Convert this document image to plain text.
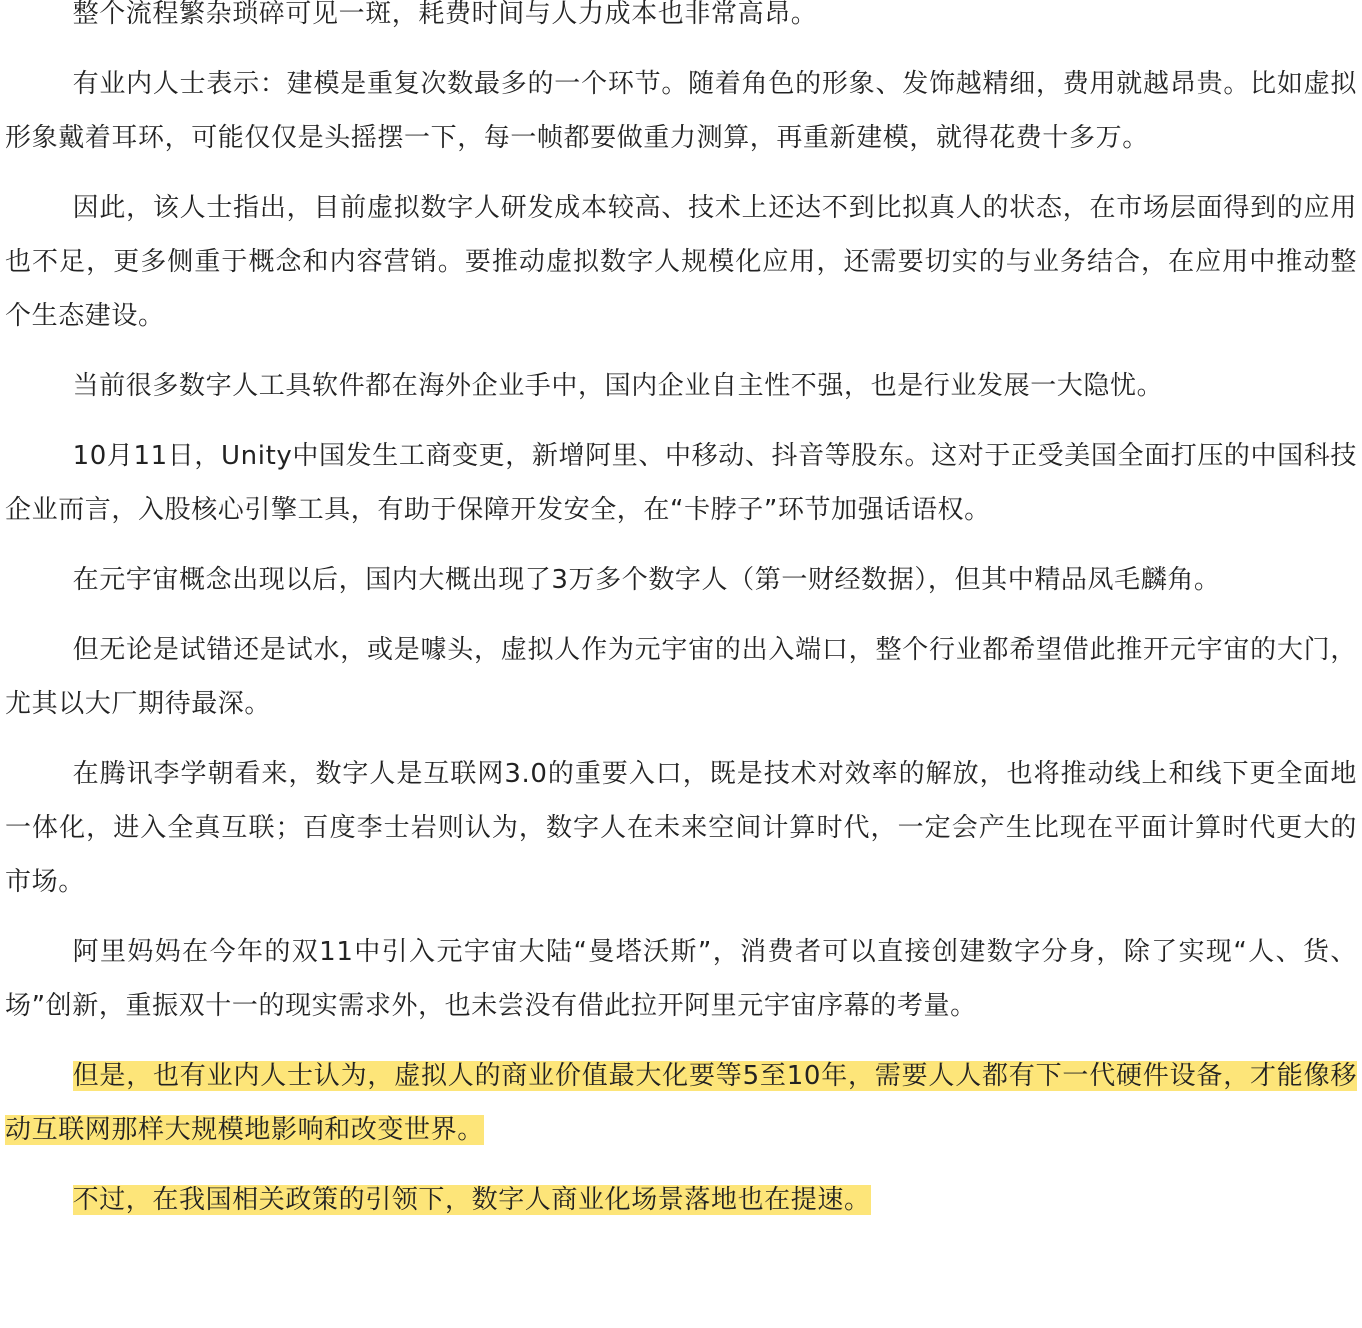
整个流程繁杂琐碎可见一斑，耗费时间与人力成本也非常高昂。

有业内人士表示：建模是重复次数最多的一个环节。随着角色的形象、发饰越精细，费用就越昂贵。比如虚拟形象戴着耳环，可能仅仅是头摇摆一下，每一帧都要做重力测算，再重新建模，就得花费十多万。

因此，该人士指出，目前虚拟数字人研发成本较高、技术上还达不到比拟真人的状态，在市场层面得到的应用也不足，更多侧重于概念和内容营销。要推动虚拟数字人规模化应用，还需要切实的与业务结合，在应用中推动整个生态建设。

当前很多数字人工具软件都在海外企业手中，国内企业自主性不强，也是行业发展一大隐忧。

10月11日，Unity中国发生工商变更，新增阿里、中移动、抖音等股东。这对于正受美国全面打压的中国科技企业而言，入股核心引擎工具，有助于保障开发安全，在“卡脖子”环节加强话语权。

在元宇宙概念出现以后，国内大概出现了3万多个数字人（第一财经数据），但其中精品凤毛麟角。

但无论是试错还是试水，或是噱头，虚拟人作为元宇宙的出入端口，整个行业都希望借此推开元宇宙的大门，尤其以大厂期待最深。

在腾讯李学朝看来，数字人是互联网3.0的重要入口，既是技术对效率的解放，也将推动线上和线下更全面地一体化，进入全真互联；百度李士岩则认为，数字人在未来空间计算时代，一定会产生比现在平面计算时代更大的市场。

阿里妈妈在今年的双11中引入元宇宙大陆“曼塔沃斯”，消费者可以直接创建数字分身，除了实现“人、货、场”创新，重振双十一的现实需求外，也未尝没有借此拉开阿里元宇宙序幕的考量。

但是，也有业内人士认为，虚拟人的商业价值最大化要等5至10年，需要人人都有下一代硬件设备，才能像移动互联网那样大规模地影响和改变世界。

不过，在我国相关政策的引领下，数字人商业化场景落地也在提速。
